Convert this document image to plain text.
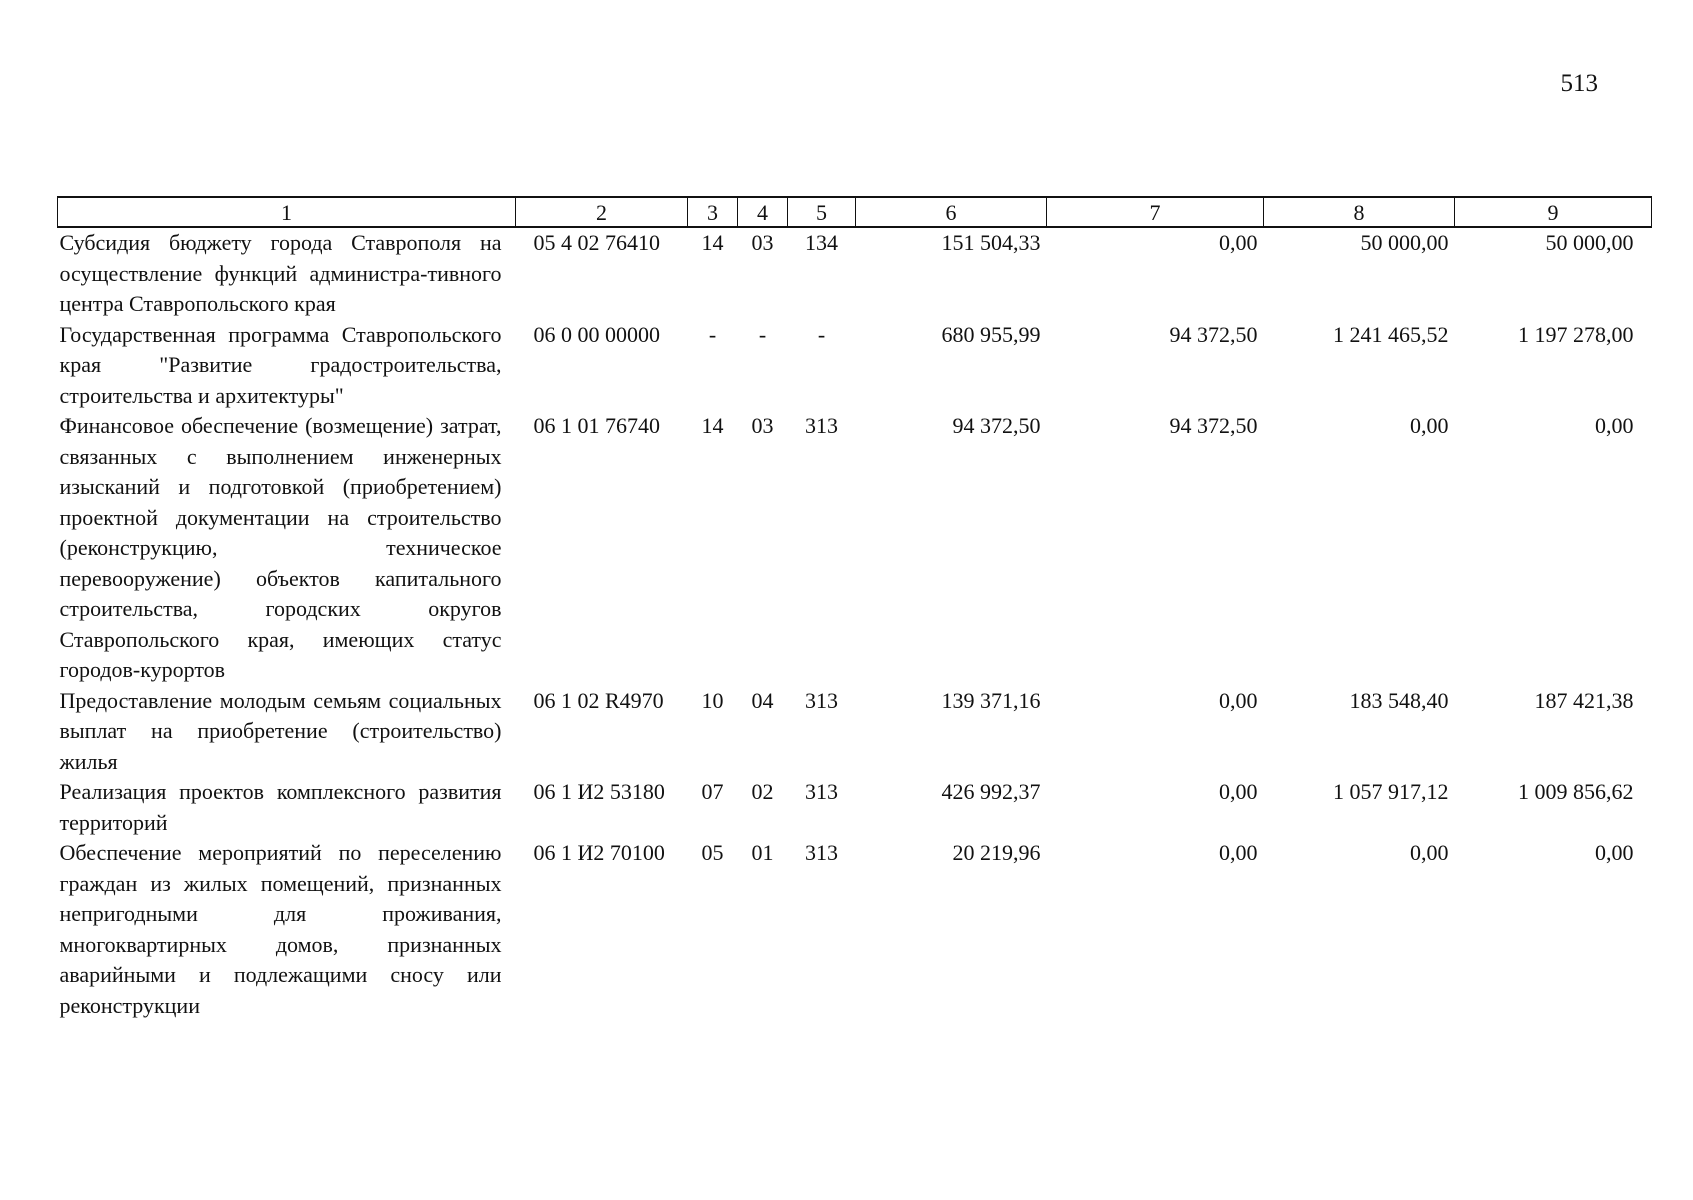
513
1	2	3	4	5	6	7	8	9
Субсидия бюджету города Ставрополя на осуществление функций администра-тивного центра Ставропольского края	05 4 02 76410	14	03	134	151 504,33	0,00	50 000,00	50 000,00
Государственная программа Ставропольского края "Развитие градостроительства, строительства и архитектуры"	06 0 00 00000	-	-	-	680 955,99	94 372,50	1 241 465,52	1 197 278,00
Финансовое обеспечение (возмещение) затрат, связанных с выполнением инженерных изысканий и подготовкой (приобретением) проектной документации на строительство (реконструкцию, техническое перевооружение) объектов капитального строительства, городских округов Ставропольского края, имеющих статус городов-курортов	06 1 01 76740	14	03	313	94 372,50	94 372,50	0,00	0,00
Предоставление молодым семьям социальных выплат на приобретение (строительство) жилья	06 1 02 R4970	10	04	313	139 371,16	0,00	183 548,40	187 421,38
Реализация проектов комплексного развития территорий	06 1 И2 53180	07	02	313	426 992,37	0,00	1 057 917,12	1 009 856,62
Обеспечение мероприятий по переселению граждан из жилых помещений, признанных непригодными для проживания, многоквартирных домов, признанных аварийными и подлежащими сносу или реконструкции	06 1 И2 70100	05	01	313	20 219,96	0,00	0,00	0,00
